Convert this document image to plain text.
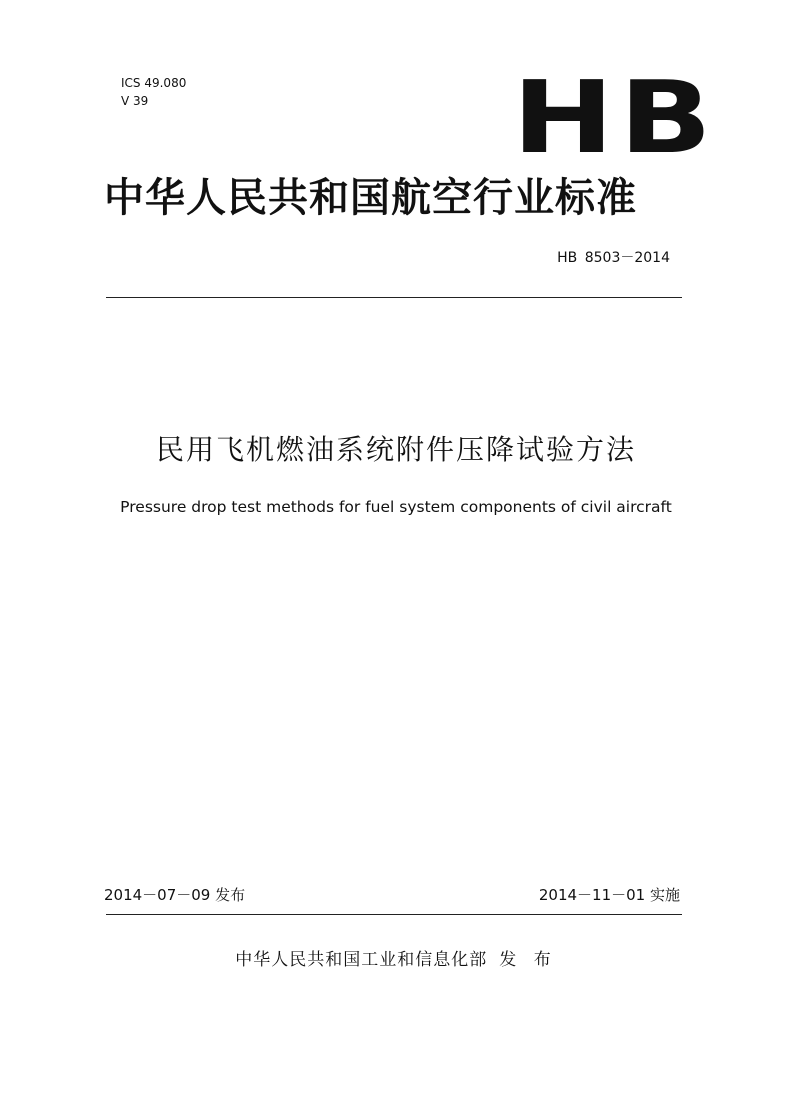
ICS 49.080
V 39	HB
中华人民共和国航空行业标准
HB 8503－2014
民用飞机燃油系统附件压降试验方法
Pressure drop test methods for fuel system components of civil aircraft
2014－07－09 发布	2014－11－01 实施
中华人民共和国工业和信息化部 发 布
